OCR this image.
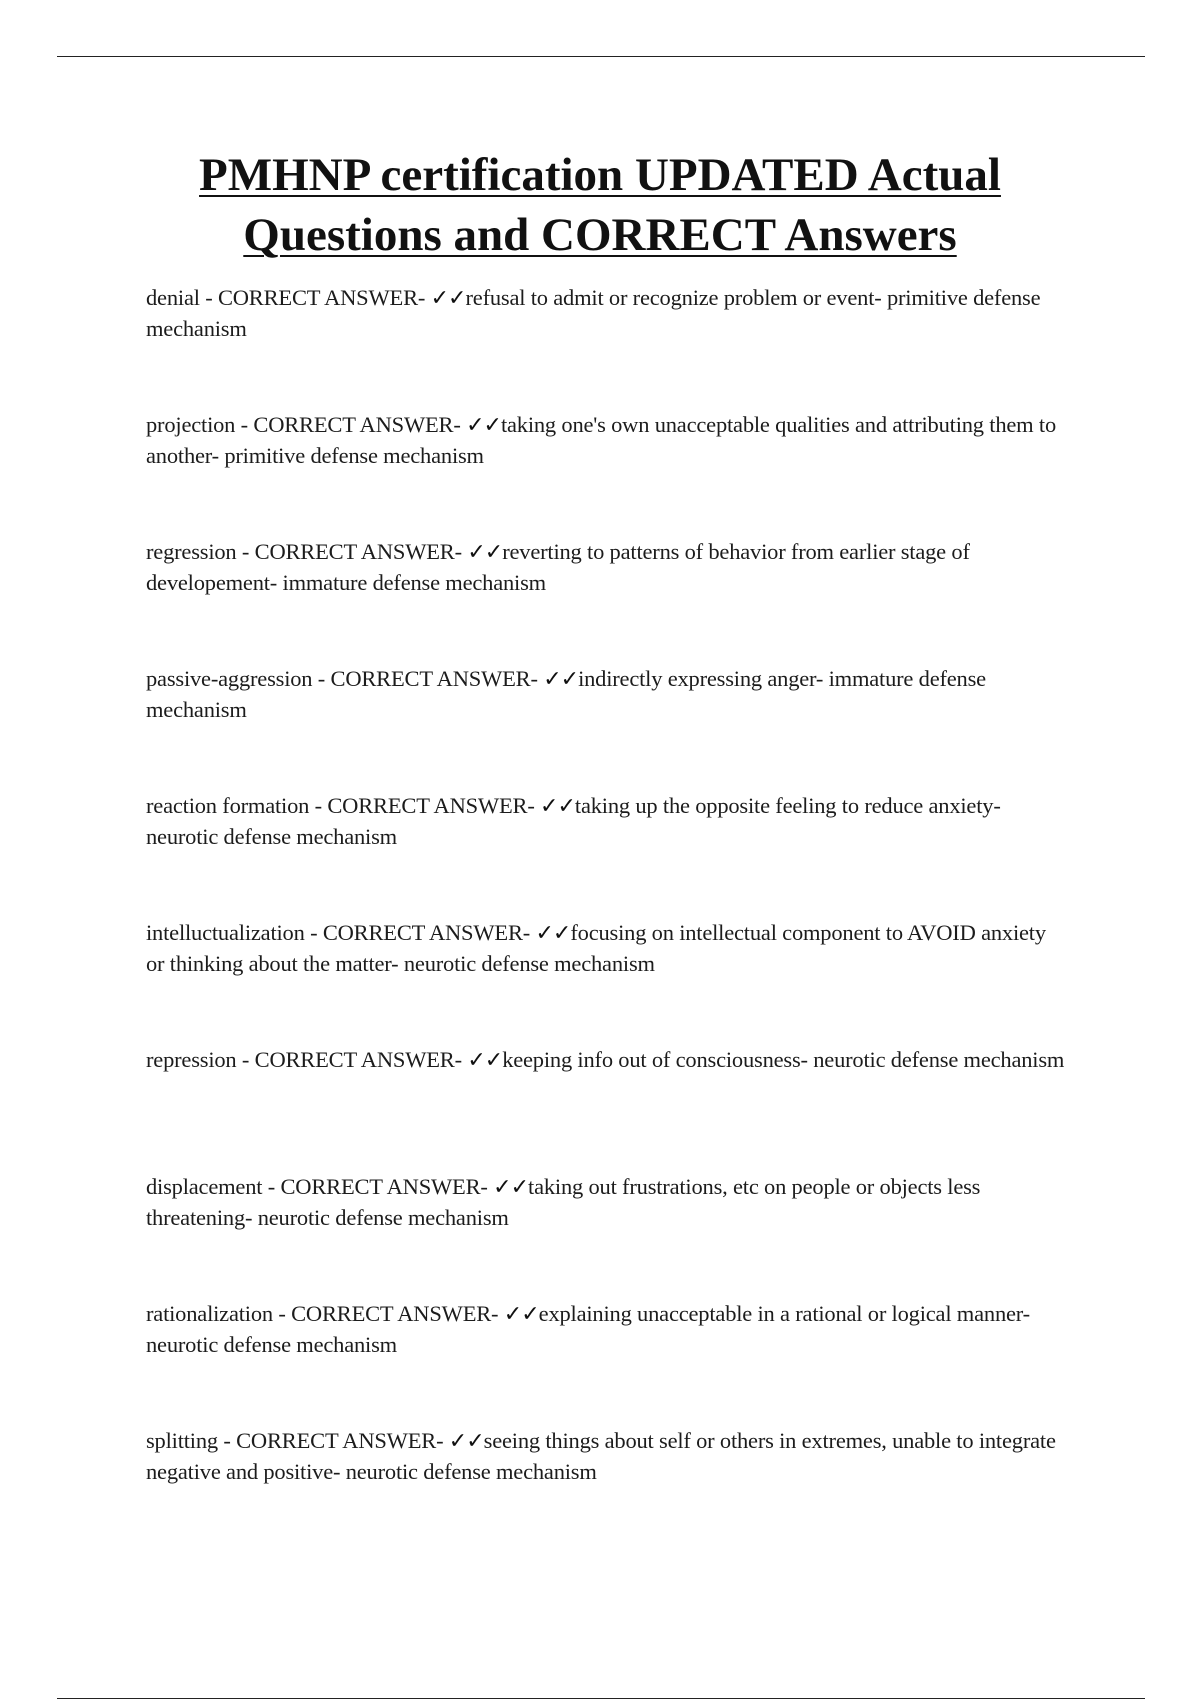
PMHNP certification UPDATED Actual
Questions and CORRECT Answers
denial - CORRECT ANSWER- ✓✓refusal to admit or recognize problem or event- primitive defense mechanism
projection - CORRECT ANSWER- ✓✓taking one's own unacceptable qualities and attributing them to another- primitive defense mechanism
regression - CORRECT ANSWER- ✓✓reverting to patterns of behavior from earlier stage of developement- immature defense mechanism
passive-aggression - CORRECT ANSWER- ✓✓indirectly expressing anger- immature defense mechanism
reaction formation - CORRECT ANSWER- ✓✓taking up the opposite feeling to reduce anxiety- neurotic defense mechanism
intelluctualization - CORRECT ANSWER- ✓✓focusing on intellectual component to AVOID anxiety or thinking about the matter- neurotic defense mechanism
repression - CORRECT ANSWER- ✓✓keeping info out of consciousness- neurotic defense mechanism
displacement - CORRECT ANSWER- ✓✓taking out frustrations, etc on people or objects less threatening- neurotic defense mechanism
rationalization - CORRECT ANSWER- ✓✓explaining unacceptable in a rational or logical manner- neurotic defense mechanism
splitting - CORRECT ANSWER- ✓✓seeing things about self or others in extremes, unable to integrate negative and positive- neurotic defense mechanism
